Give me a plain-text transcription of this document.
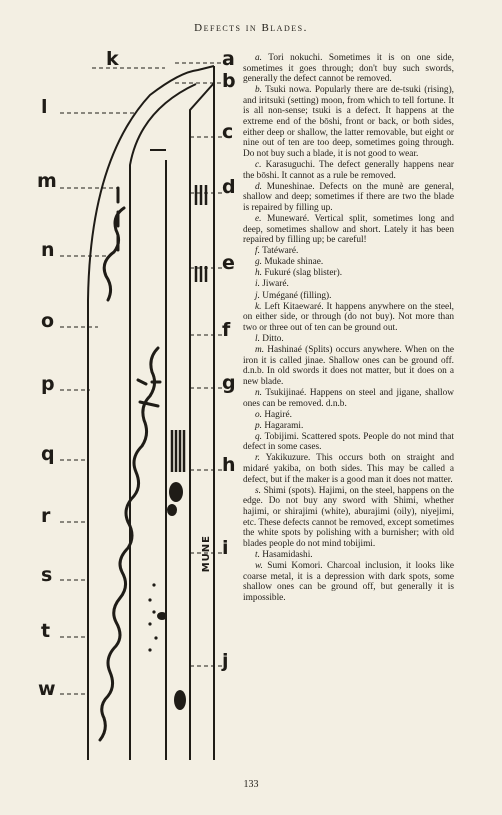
Defects in Blades.
k
l
m
n
o
p
q
r
s
t
w
a
b
c
d
e
f
g
h
i
j
MUNE

a. Tori nokuchi. Sometimes it is on one side, sometimes it goes through; don't buy such swords, generally the defect cannot be removed.

b. Tsuki nowa. Popularly there are de-tsuki (rising), and iritsuki (setting) moon, from which to tell fortune. It is all non-sense; tsuki is a defect. It happens at the extreme end of the bōshi, front or back, or both sides, either deep or shallow, the latter removable, but eight or nine out of ten are too deep, sometimes going through. Do not buy such a blade, it is not good to wear.

c. Karasuguchi. The defect generally happens near the bōshi. It cannot as a rule be removed.

d. Muneshinae. Defects on the munè are general, shallow and deep; sometimes if there are two the blade is repaired by filling up.

e. Munewaré. Vertical split, sometimes long and deep, sometimes shallow and short. Lately it has been repaired by filling up; be careful!

f. Tatéwaré.

g. Mukade shinae.

h. Fukuré (slag blister).

i. Jiwaré.

j. Umégané (filling).

k. Left Kitaewaré. It happens anywhere on the steel, on either side, or through (do not buy). Not more than two or three out of ten can be ground out.

l. Ditto.

m. Hashinaé (Splits) occurs anywhere. When on the iron it is called jinae. Shallow ones can be ground off. d.n.b. In old swords it does not matter, but it does on a new blade.

n. Tsukijinaé. Happens on steel and jigane, shallow ones can be removed. d.n.b.

o. Hagiré.

p. Hagarami.

q. Tobijimi. Scattered spots. People do not mind that defect in some cases.

r. Yakikuzure. This occurs both on straight and midaré yakiba, on both sides. This may be called a defect, but if the maker is a good man it does not matter.

s. Shimi (spots). Hajimi, on the steel, happens on the edge. Do not buy any sword with Shimi, whether hajimi, or shirajimi (white), aburajimi (oily), niyejimi, etc. These defects cannot be removed, except sometimes the white spots by polishing with a burnisher; with old blades people do not mind tobijimi.

t. Hasamidashi.

w. Sumi Komori. Charcoal inclusion, it looks like coarse metal, it is a depression with dark spots, some shallow ones can be ground off, but generally it is impossible.

133
